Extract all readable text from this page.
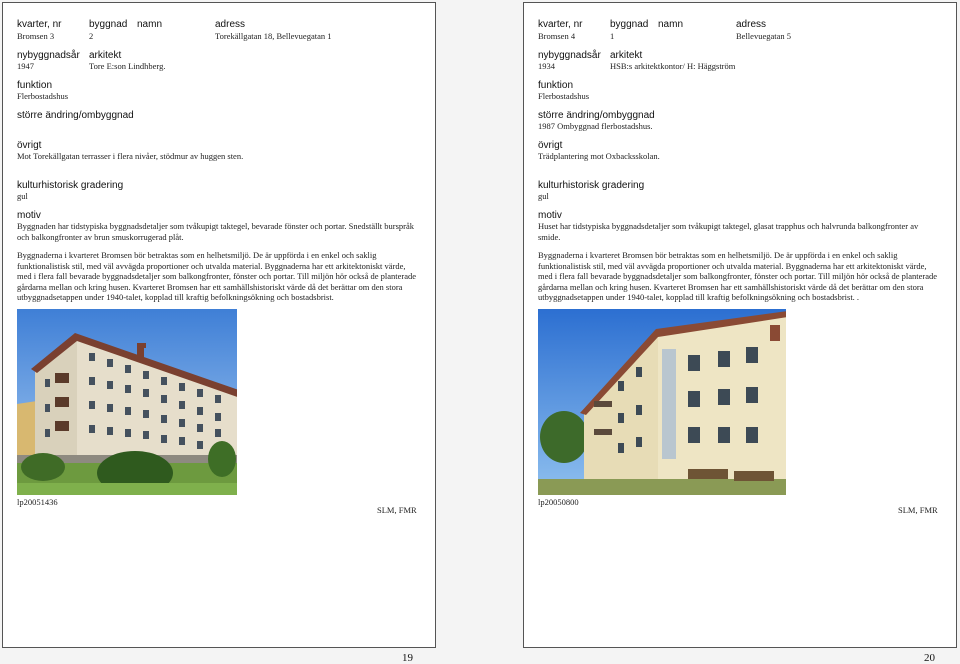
kvarter, nr	byggnad namn	adress
Bromsen 3	2	Torekällgatan 18, Bellevuegatan 1
nybyggnadsår arkitekt
1947	Tore E:son Lindhberg.
funktion
Flerbostadshus
större ändring/ombyggnad
övrigt
Mot Torekällgatan terrasser i flera nivåer, stödmur av huggen sten.
kulturhistorisk gradering
gul
motiv
Byggnaden har tidstypiska byggnadsdetaljer som tvåkupigt taktegel, bevarade fönster och portar. Snedställt burspråk och balkongfronter av brun smuskorrugerad plåt.
Byggnaderna i kvarteret Bromsen bör betraktas som en helhetsmiljö. De är uppförda i en enkel och saklig funktionalistisk stil, med väl avvägda proportioner och utvalda material. Byggnaderna har ett arkitektoniskt värde, med i flera fall bevarade byggnadsdetaljer som balkongfronter, fönster och portar. Till miljön hör också de planterade gårdarna mellan och kring husen. Kvarteret Bromsen har ett samhällshistoriskt värde då det berättar om den stora utbyggnadsetappen under 1940-talet, kopplad till kraftig befolkningsökning och bostadsbrist.
lp20051436
SLM, FMR
19
kvarter, nr	byggnad namn	adress
Bromsen 4	1	Bellevuegatan 5
nybyggnadsår arkitekt
1934	HSB:s arkitektkontor/ H: Häggström
funktion
Flerbostadshus
större ändring/ombyggnad
1987 Ombyggnad flerbostadshus.
övrigt
Trädplantering mot Oxbacksskolan.
kulturhistorisk gradering
gul
motiv
Huset har tidstypiska byggnadsdetaljer som tvåkupigt taktegel, glasat trapphus och halvrunda balkongfronter av smide.
Byggnaderna i kvarteret Bromsen bör betraktas som en helhetsmiljö. De är uppförda i en enkel och saklig funktionalistisk stil, med väl avvägda proportioner och utvalda material. Byggnaderna har ett arkitektoniskt värde, med i flera fall bevarade byggnadsdetaljer som balkongfronter, fönster och portar. Till miljön hör också de planterade gårdarna mellan och kring husen. Kvarteret Bromsen har ett samhällshistoriskt värde då det berättar om den stora utbyggnadsetappen under 1940-talet, kopplad till kraftig befolkningsökning och bostadsbrist. .
lp20050800
SLM, FMR
20
